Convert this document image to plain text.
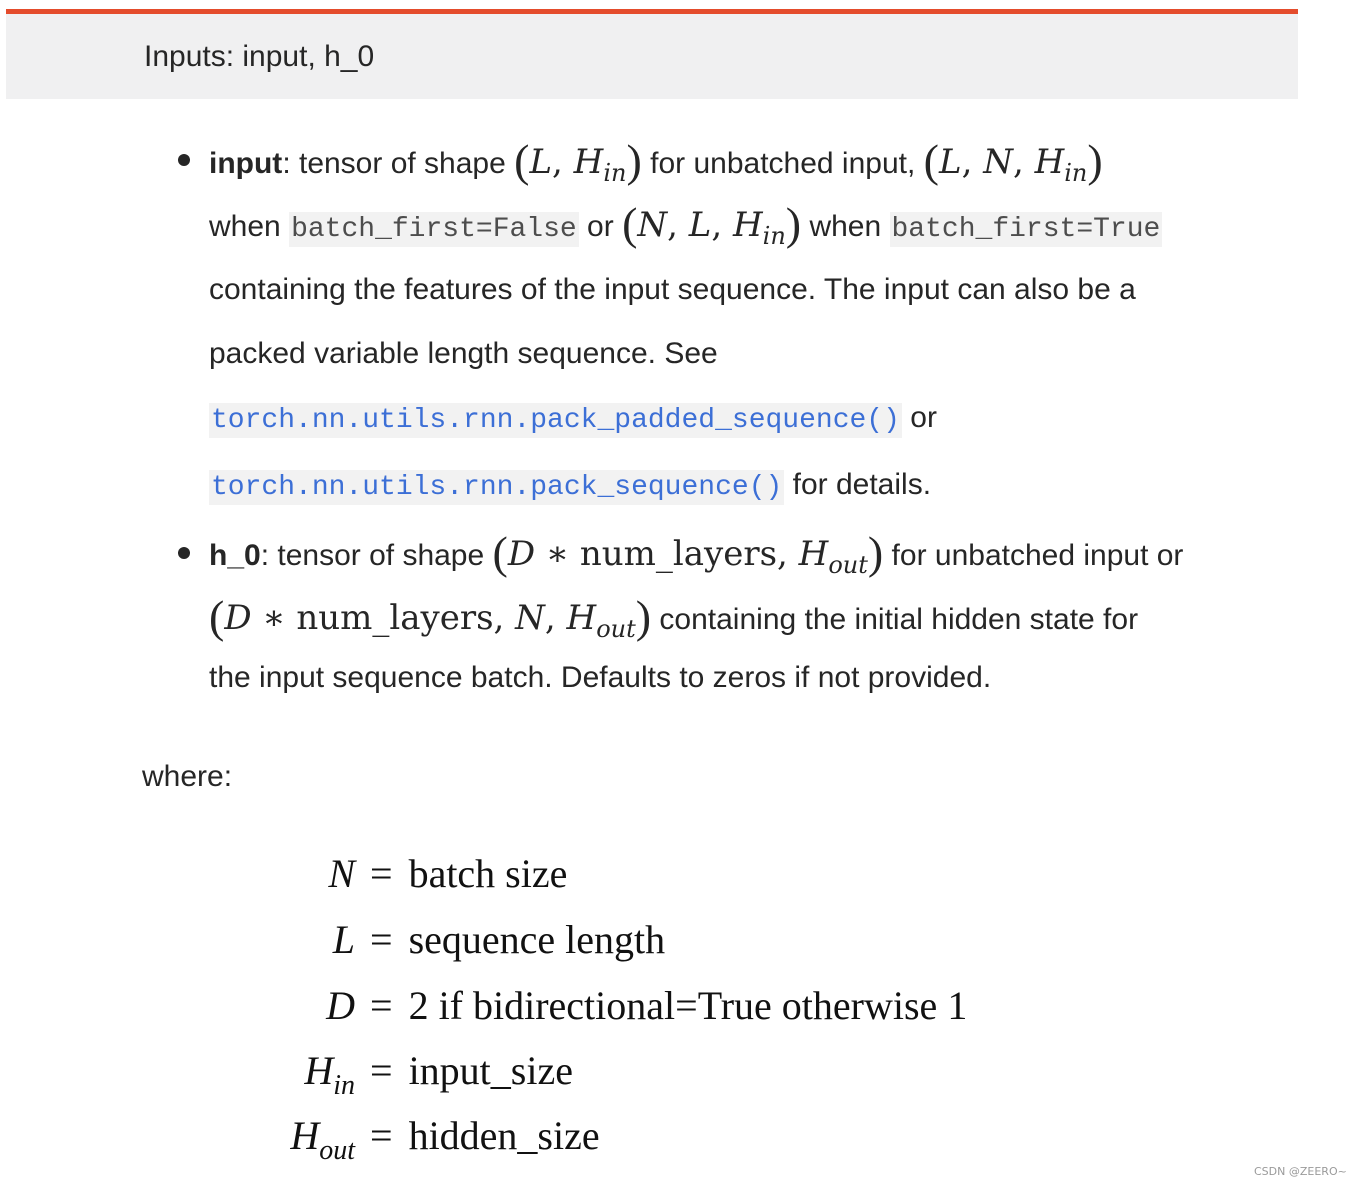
Inputs: input, h_0
input: tensor of shape (L, $H_{in}$) for unbatched input, (L, N, $H_{in}$)
when batch_first=False or (N, L, $H_{in}$) when batch_first=True
containing the features of the input sequence. The input can also be a
packed variable length sequence. See
torch.nn.utils.rnn.pack_padded_sequence() or
torch.nn.utils.rnn.pack_sequence() for details.
h_0: tensor of shape (D ∗ num_layers, $H_{out}$) for unbatched input or
(D ∗ num_layers, N, $H_{out}$) containing the initial hidden state for
the input sequence batch. Defaults to zeros if not provided.
where:
N = batch size
L = sequence length
D = 2 if bidirectional=True otherwise 1
$H_{in}$ = input_size
$H_{out}$ = hidden_size
CSDN @ZEERO~
